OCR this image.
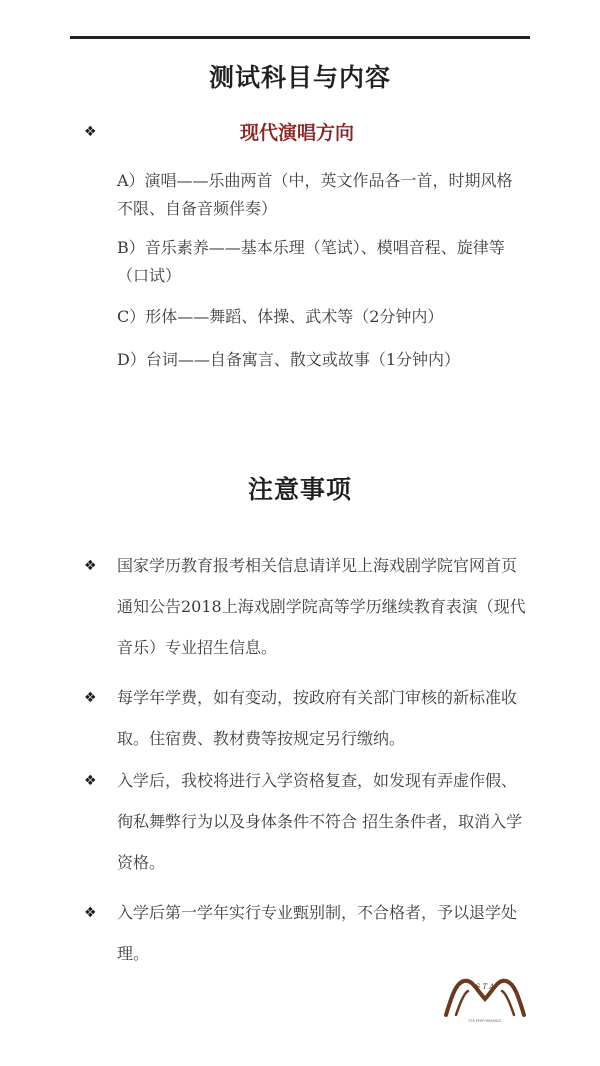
测试科目与内容
❖	现代演唱方向
A）演唱——乐曲两首（中，英文作品各一首，时期风格不限、自备音频伴奏）
B）音乐素养——基本乐理（笔试）、模唱音程、旋律等（口试）
C）形体——舞蹈、体操、武术等（2分钟内）
D）台词——自备寓言、散文或故事（1分钟内）
注意事项
❖ 国家学历教育报考相关信息请详见上海戏剧学院官网首页通知公告2018上海戏剧学院高等学历继续教育表演（现代音乐）专业招生信息。
❖ 每学年学费，如有变动，按政府有关部门审核的新标准收取。住宿费、教材费等按规定另行缴纳。
❖ 入学后，我校将进行入学资格复查，如发现有弄虚作假、徇私舞弊行为以及身体条件不符合 招生条件者，取消入学资格。
❖ 入学后第一学年实行专业甄别制，不合格者，予以退学处理。
S T A
STA PERFORMANCE
